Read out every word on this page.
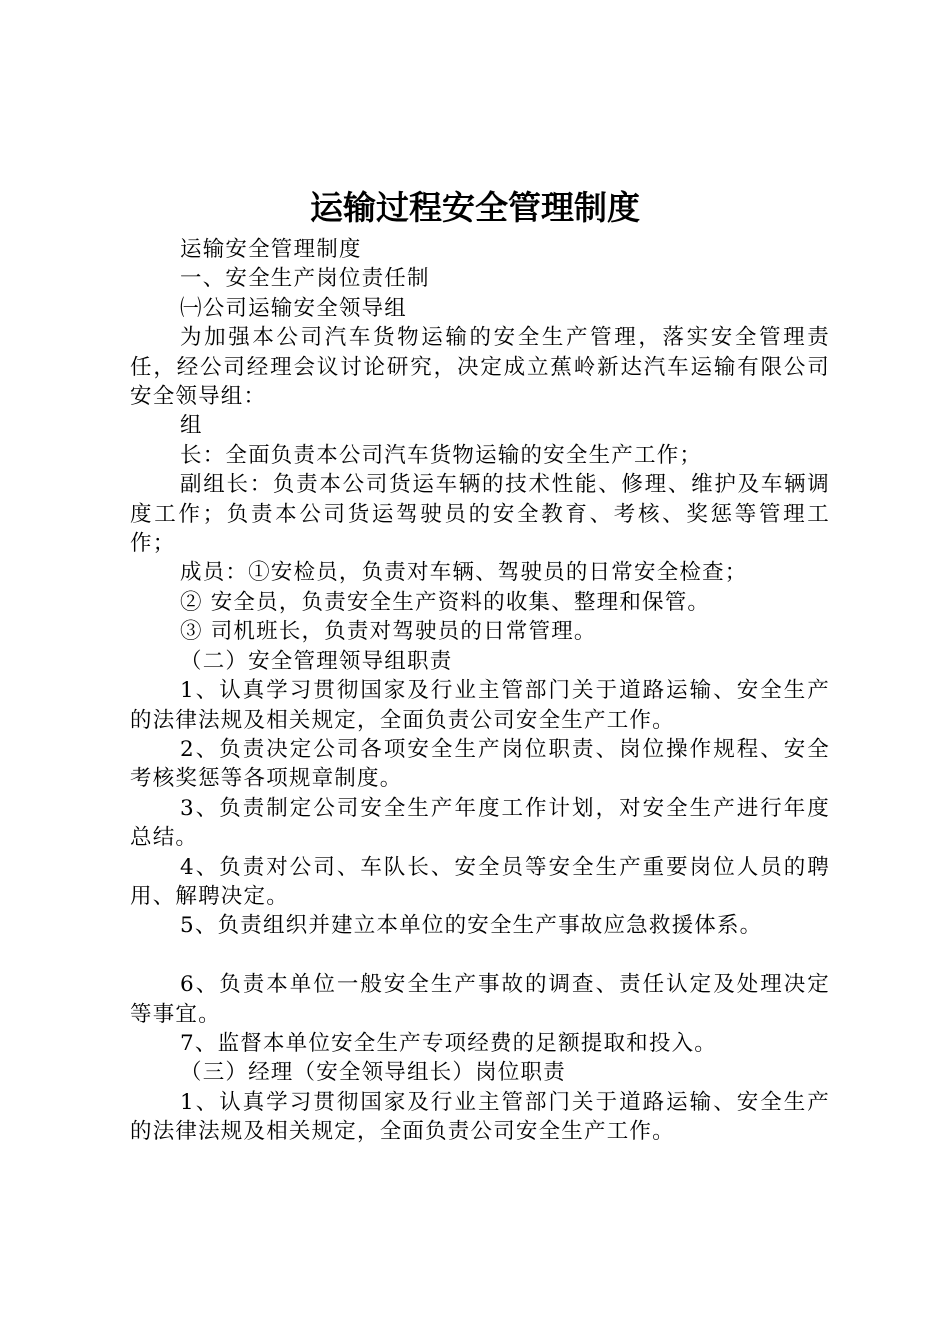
运输过程安全管理制度

运输安全管理制度

一、安全生产岗位责任制

㈠公司运输安全领导组

为加强本公司汽车货物运输的安全生产管理，落实安全管理责任，经公司经理会议讨论研究，决定成立蕉岭新达汽车运输有限公司安全领导组：

组

长：全面负责本公司汽车货物运输的安全生产工作；

副组长：负责本公司货运车辆的技术性能、修理、维护及车辆调度工作；负责本公司货运驾驶员的安全教育、考核、奖惩等管理工作；

成员：①安检员，负责对车辆、驾驶员的日常安全检查；

② 安全员，负责安全生产资料的收集、整理和保管。

③ 司机班长，负责对驾驶员的日常管理。

（二）安全管理领导组职责

1、认真学习贯彻国家及行业主管部门关于道路运输、安全生产的法律法规及相关规定，全面负责公司安全生产工作。

2、负责决定公司各项安全生产岗位职责、岗位操作规程、安全考核奖惩等各项规章制度。

3、负责制定公司安全生产年度工作计划，对安全生产进行年度总结。

4、负责对公司、车队长、安全员等安全生产重要岗位人员的聘用、解聘决定。

5、负责组织并建立本单位的安全生产事故应急救援体系。

6、负责本单位一般安全生产事故的调查、责任认定及处理决定等事宜。

7、监督本单位安全生产专项经费的足额提取和投入。

（三）经理（安全领导组长）岗位职责

1、认真学习贯彻国家及行业主管部门关于道路运输、安全生产的法律法规及相关规定，全面负责公司安全生产工作。
